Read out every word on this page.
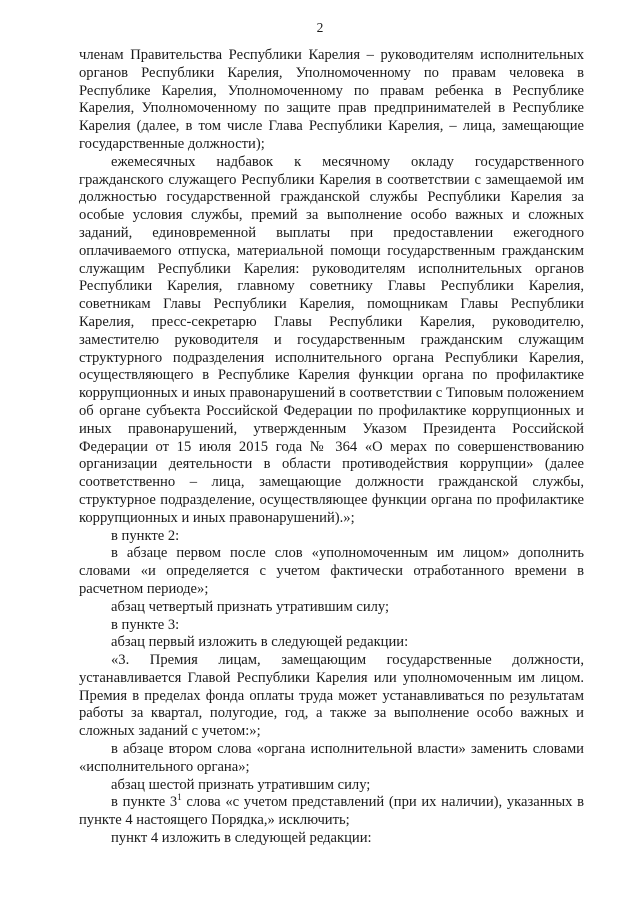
2

членам Правительства Республики Карелия – руководителям исполнительных органов Республики Карелия, Уполномоченному по правам человека в Республике Карелия, Уполномоченному по правам ребенка в Республике Карелия, Уполномоченному по защите прав предпринимателей в Республике Карелия (далее, в том числе Глава Республики Карелия, – лица, замещающие государственные должности);

ежемесячных надбавок к месячному окладу государственного гражданского служащего Республики Карелия в соответствии с замещаемой им должностью государственной гражданской службы Республики Карелия за особые условия службы, премий за выполнение особо важных и сложных заданий, единовременной выплаты при предоставлении ежегодного оплачиваемого отпуска, материальной помощи государственным гражданским служащим Республики Карелия: руководителям исполнительных органов Республики Карелия, главному советнику Главы Республики Карелия, советникам Главы Республики Карелия, помощникам Главы Республики Карелия, пресс-секретарю Главы Республики Карелия, руководителю, заместителю руководителя и государственным гражданским служащим структурного подразделения исполнительного органа Республики Карелия, осуществляющего в Республике Карелия функции органа по профилактике коррупционных и иных правонарушений в соответствии с Типовым положением об органе субъекта Российской Федерации по профилактике коррупционных и иных правонарушений, утвержденным Указом Президента Российской Федерации от 15 июля 2015 года № 364 «О мерах по совершенствованию организации деятельности в области противодействия коррупции» (далее соответственно – лица, замещающие должности гражданской службы, структурное подразделение, осуществляющее функции органа по профилактике коррупционных и иных правонарушений).»;

в пункте 2:

в абзаце первом после слов «уполномоченным им лицом» дополнить словами «и определяется с учетом фактически отработанного времени в расчетном периоде»;

абзац четвертый признать утратившим силу;

в пункте 3:

абзац первый изложить в следующей редакции:

«3. Премия лицам, замещающим государственные должности, устанавливается Главой Республики Карелия или уполномоченным им лицом. Премия в пределах фонда оплаты труда может устанавливаться по результатам работы за квартал, полугодие, год, а также за выполнение особо важных и сложных заданий с учетом:»;

в абзаце втором слова «органа исполнительной власти» заменить словами «исполнительного органа»;

абзац шестой признать утратившим силу;

в пункте $3^1$ слова «с учетом представлений (при их наличии), указанных в пункте 4 настоящего Порядка,» исключить;

пункт 4 изложить в следующей редакции:
